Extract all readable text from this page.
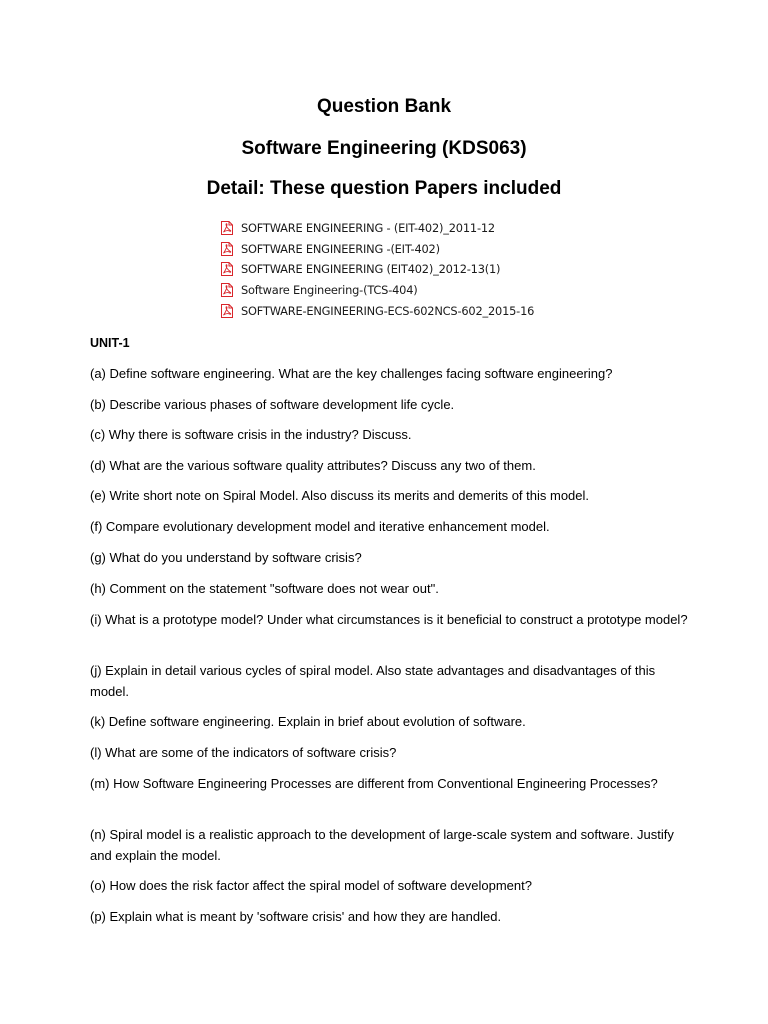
Question Bank
Software Engineering (KDS063)
Detail: These question Papers included
SOFTWARE ENGINEERING - (EIT-402)_2011-12
SOFTWARE ENGINEERING -(EIT-402)
SOFTWARE ENGINEERING (EIT402)_2012-13(1)
Software Engineering-(TCS-404)
SOFTWARE-ENGINEERING-ECS-602NCS-602_2015-16
UNIT-1

(a) Define software engineering. What are the key challenges facing software engineering?

(b) Describe various phases of software development life cycle.

(c) Why there is software crisis in the industry? Discuss.

(d) What are the various software quality attributes? Discuss any two of them.

(e) Write short note on Spiral Model. Also discuss its merits and demerits of this model.

(f) Compare evolutionary development model and iterative enhancement model.

(g) What do you understand by software crisis?

(h) Comment on the statement "software does not wear out".

(i) What is a prototype model? Under what circumstances is it beneficial to construct a prototype model?

(j) Explain in detail various cycles of spiral model. Also state advantages and disadvantages of this model.

(k) Define software engineering. Explain in brief about evolution of software.

(l) What are some of the indicators of software crisis?

(m) How Software Engineering Processes are different from Conventional Engineering Processes?

(n) Spiral model is a realistic approach to the development of large-scale system and software. Justify and explain the model.

(o) How does the risk factor affect the spiral model of software development?

(p) Explain what is meant by 'software crisis' and how they are handled.
